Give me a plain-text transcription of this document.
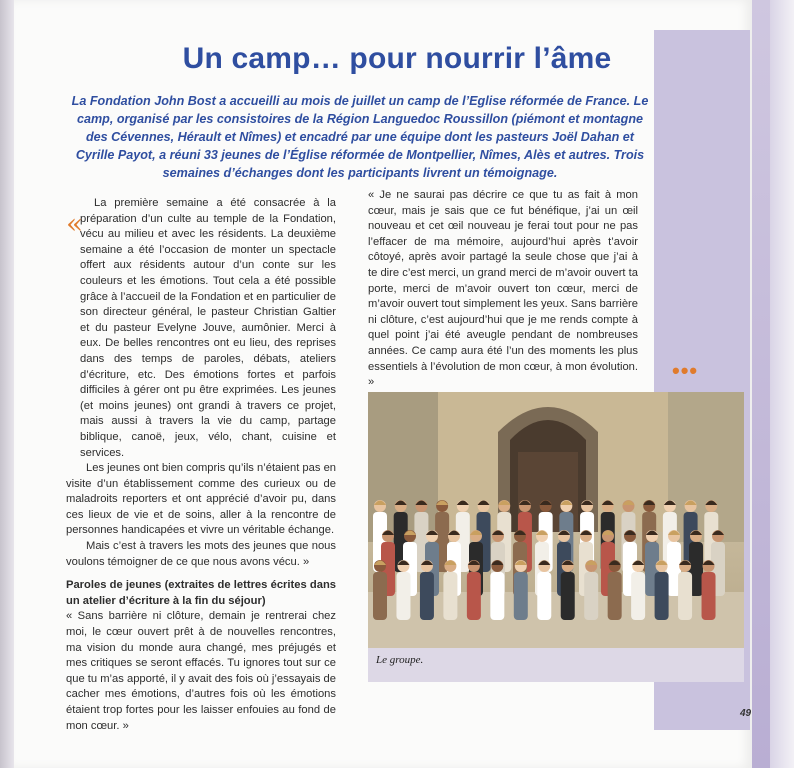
Un camp… pour nourrir l’âme

La Fondation John Bost a accueilli au mois de juillet un camp de l’Eglise réformée de France. Le camp, organisé par les consistoires de la Région Languedoc Roussillon (piémont et montagne des Cévennes, Hérault et Nîmes) et encadré par une équipe dont les pasteurs Joël Dahan et Cyrille Payot, a réuni 33 jeunes de l’Église réformée de Montpellier, Nîmes, Alès et autres. Trois semaines d’échanges dont les participants livrent un témoignage.

«

La première semaine a été consacrée à la préparation d’un culte au temple de la Fondation, vécu au milieu et avec les résidents. La deuxième semaine a été l’occasion de monter un spectacle offert aux résidents autour d’un conte sur les couleurs et les émotions. Tout cela a été possible grâce à l’accueil de la Fondation et en particulier de son directeur général, le pasteur Christian Galtier et du pasteur Evelyne Jouve, aumônier. Merci à eux. De belles rencontres ont eu lieu, des reprises dans des temps de paroles, débats, ateliers d’écriture, etc. Des émotions fortes et parfois difficiles à gérer ont pu être exprimées. Les jeunes (et moins jeunes) ont grandi à travers ce projet, mais aussi à travers la vie du camp, partage biblique, canoë, jeux, vélo, chant, cuisine et services.

Les jeunes ont bien compris qu’ils n’étaient pas en visite d’un établissement comme des curieux ou de maladroits reporters et ont apprécié d’avoir pu, dans ces lieux de vie et de soins, aller à la rencontre de personnes handicapées et vivre un véritable échange.

Mais c’est à travers les mots des jeunes que nous voulons témoigner de ce que nous avons vécu. »

Paroles de jeunes (extraites de lettres écrites dans un atelier d’écriture à la fin du séjour)

« Sans barrière ni clôture, demain je rentrerai chez moi, le cœur ouvert prêt à de nouvelles rencontres, ma vision du monde aura changé, mes préjugés et mes critiques se seront effacés. Tu ignores tout sur ce que tu m’as apporté, il y avait des fois où j’essayais de cacher mes émotions, d’autres fois où les émotions étaient trop fortes pour les laisser enfouies au fond de mon cœur. »

« Je ne saurai pas décrire ce que tu as fait à mon cœur, mais je sais que ce fut bénéfique, j’ai un œil nouveau et cet œil nouveau je ferai tout pour ne pas l’effacer de ma mémoire, aujourd’hui après t’avoir côtoyé, après avoir partagé la seule chose que j’ai à te dire c’est merci, un grand merci de m’avoir ouvert ta porte, merci de m’avoir ouvert ton cœur, merci de m’avoir ouvert tout simplement les yeux. Sans barrière ni clôture, c’est aujourd’hui que je me rends compte à quel point j’ai été aveugle pendant de nombreuses années. Ce camp aura été l’un des moments les plus essentiels à l’évolution de mon cœur, à mon évolution. »	•••

Le groupe.

49
